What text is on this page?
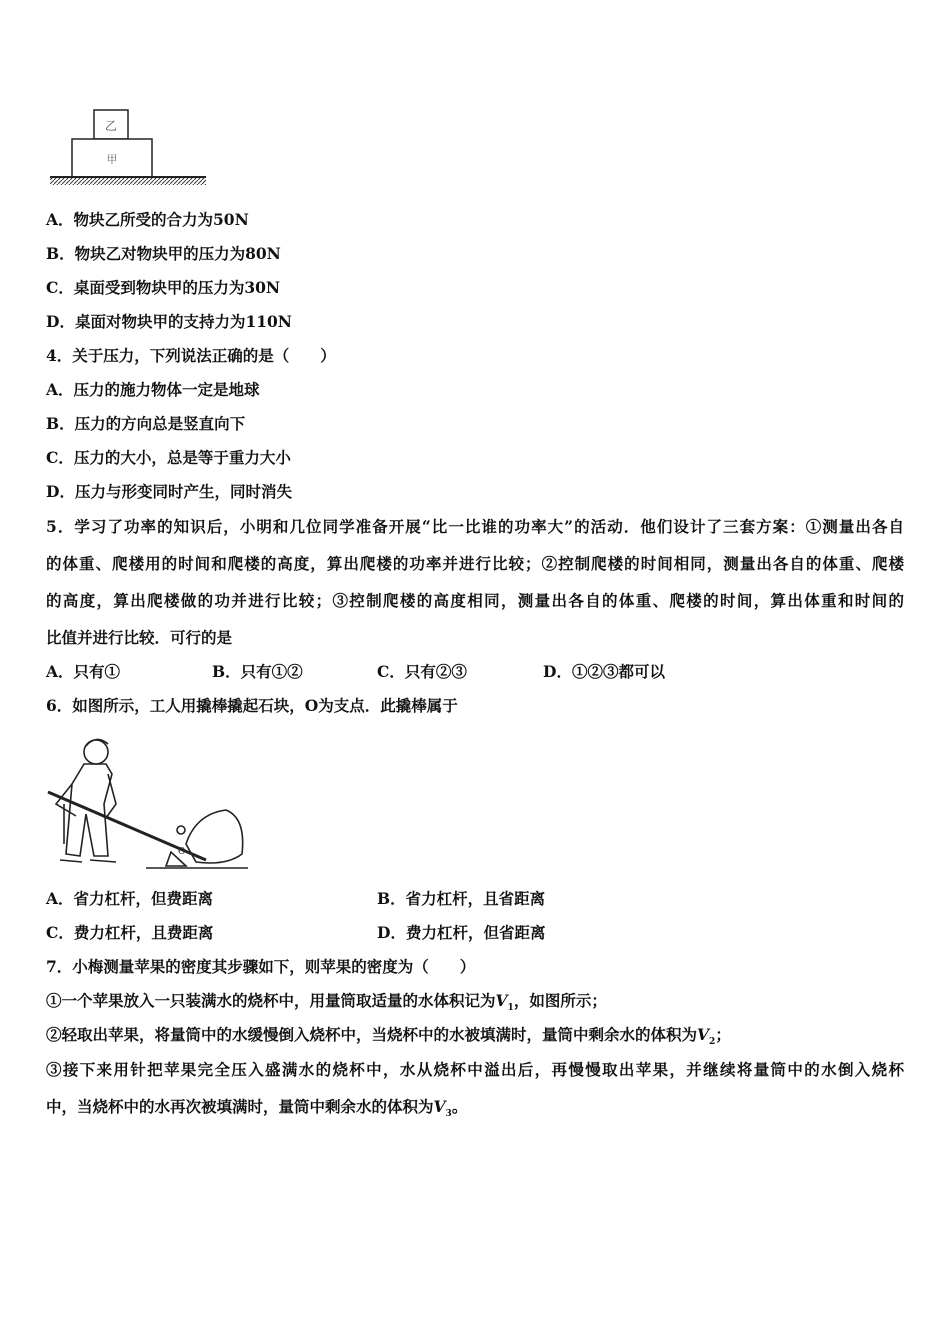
乙
甲
A．物块乙所受的合力为50N
B．物块乙对物块甲的压力为80N
C．桌面受到物块甲的压力为30N
D．桌面对物块甲的支持力为110N
4．关于压力，下列说法正确的是（　　）
A．压力的施力物体一定是地球
B．压力的方向总是竖直向下
C．压力的大小，总是等于重力大小
D．压力与形变同时产生，同时消失
5．学习了功率的知识后，小明和几位同学准备开展“比一比谁的功率大”的活动．他们设计了三套方案：①测量出各自
的体重、爬楼用的时间和爬楼的高度，算出爬楼的功率并进行比较；②控制爬楼的时间相同，测量出各自的体重、爬楼
的高度，算出爬楼做的功并进行比较；③控制爬楼的高度相同，测量出各自的体重、爬楼的时间，算出体重和时间的
比值并进行比较．可行的是
A．只有①	B．只有①②	C．只有②③	D．①②③都可以
6．如图所示，工人用撬棒撬起石块，O为支点．此撬棒属于
O
A．省力杠杆，但费距离	B．省力杠杆，且省距离
C．费力杠杆，且费距离	D．费力杠杆，但省距离
7．小梅测量苹果的密度其步骤如下，则苹果的密度为（　　）
①一个苹果放入一只装满水的烧杯中，用量筒取适量的水体积记为$V_1$，如图所示；
②轻取出苹果，将量筒中的水缓慢倒入烧杯中，当烧杯中的水被填满时，量筒中剩余水的体积为$V_2$；
③接下来用针把苹果完全压入盛满水的烧杯中，水从烧杯中溢出后，再慢慢取出苹果，并继续将量筒中的水倒入烧杯
中，当烧杯中的水再次被填满时，量筒中剩余水的体积为$V_3$。
